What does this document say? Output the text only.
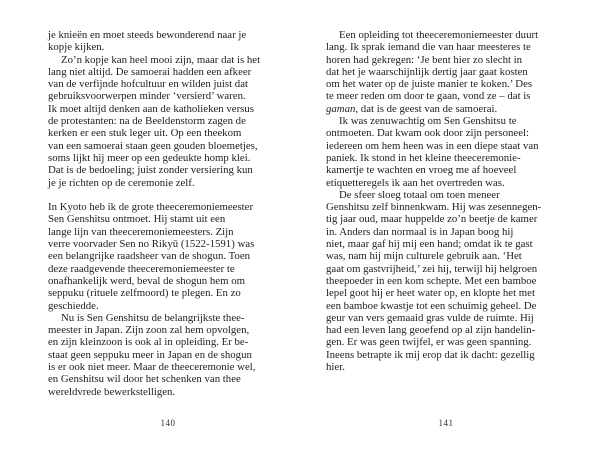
je knieën en moet steeds bewonderend naar je
kopje kijken.
Zo’n kopje kan heel mooi zijn, maar dat is het
lang niet altijd. De samoerai hadden een afkeer
van de verfijnde hofcultuur en wilden juist dat
gebruiksvoorwerpen minder ‘versierd’ waren.
Ik moet altijd denken aan de katholieken versus
de protestanten: na de Beeldenstorm zagen de
kerken er een stuk leger uit. Op een theekom
van een samoerai staan geen gouden bloemetjes,
soms lijkt hij meer op een gedeukte homp klei.
Dat is de bedoeling; juist zonder versiering kun
je je richten op de ceremonie zelf.
In Kyoto heb ik de grote theeceremoniemeester
Sen Genshitsu ontmoet. Hij stamt uit een
lange lijn van theeceremoniemeesters. Zijn
verre voorvader Sen no Rikyū (1522-1591) was
een belangrijke raadsheer van de shogun. Toen
deze raadgevende theeceremoniemeester te
onafhankelijk werd, beval de shogun hem om
seppuku (rituele zelfmoord) te plegen. En zo
geschiedde.
Nu is Sen Genshitsu de belangrijkste thee-
meester in Japan. Zijn zoon zal hem opvolgen,
en zijn kleinzoon is ook al in opleiding. Er be-
staat geen seppuku meer in Japan en de shogun
is er ook niet meer. Maar de theeceremonie wel,
en Genshitsu wil door het schenken van thee
wereldvrede bewerkstelligen.
140
Een opleiding tot theeceremoniemeester duurt
lang. Ik sprak iemand die van haar meesteres te
horen had gekregen: ‘Je bent hier zo slecht in
dat het je waarschijnlijk dertig jaar gaat kosten
om het water op de juiste manier te koken.’ Des
te meer reden om door te gaan, vond ze – dat is
gaman, dat is de geest van de samoerai.
Ik was zenuwachtig om Sen Genshitsu te
ontmoeten. Dat kwam ook door zijn personeel:
iedereen om hem heen was in een diepe staat van
paniek. Ik stond in het kleine theeceremonie-
kamertje te wachten en vroeg me af hoeveel
etiquetteregels ik aan het overtreden was.
De sfeer sloeg totaal om toen meneer
Genshitsu zelf binnenkwam. Hij was zesennegen-
tig jaar oud, maar huppelde zo’n beetje de kamer
in. Anders dan normaal is in Japan boog hij
niet, maar gaf hij mij een hand; omdat ik te gast
was, nam hij mijn culturele gebruik aan. ‘Het
gaat om gastvrijheid,’ zei hij, terwijl hij helgroen
theepoeder in een kom schepte. Met een bamboe
lepel goot hij er heet water op, en klopte het met
een bamboe kwastje tot een schuimig geheel. De
geur van vers gemaaid gras vulde de ruimte. Hij
had een leven lang geoefend op al zijn handelin-
gen. Er was geen twijfel, er was geen spanning.
Ineens betrapte ik mij erop dat ik dacht: gezellig
hier.
141
